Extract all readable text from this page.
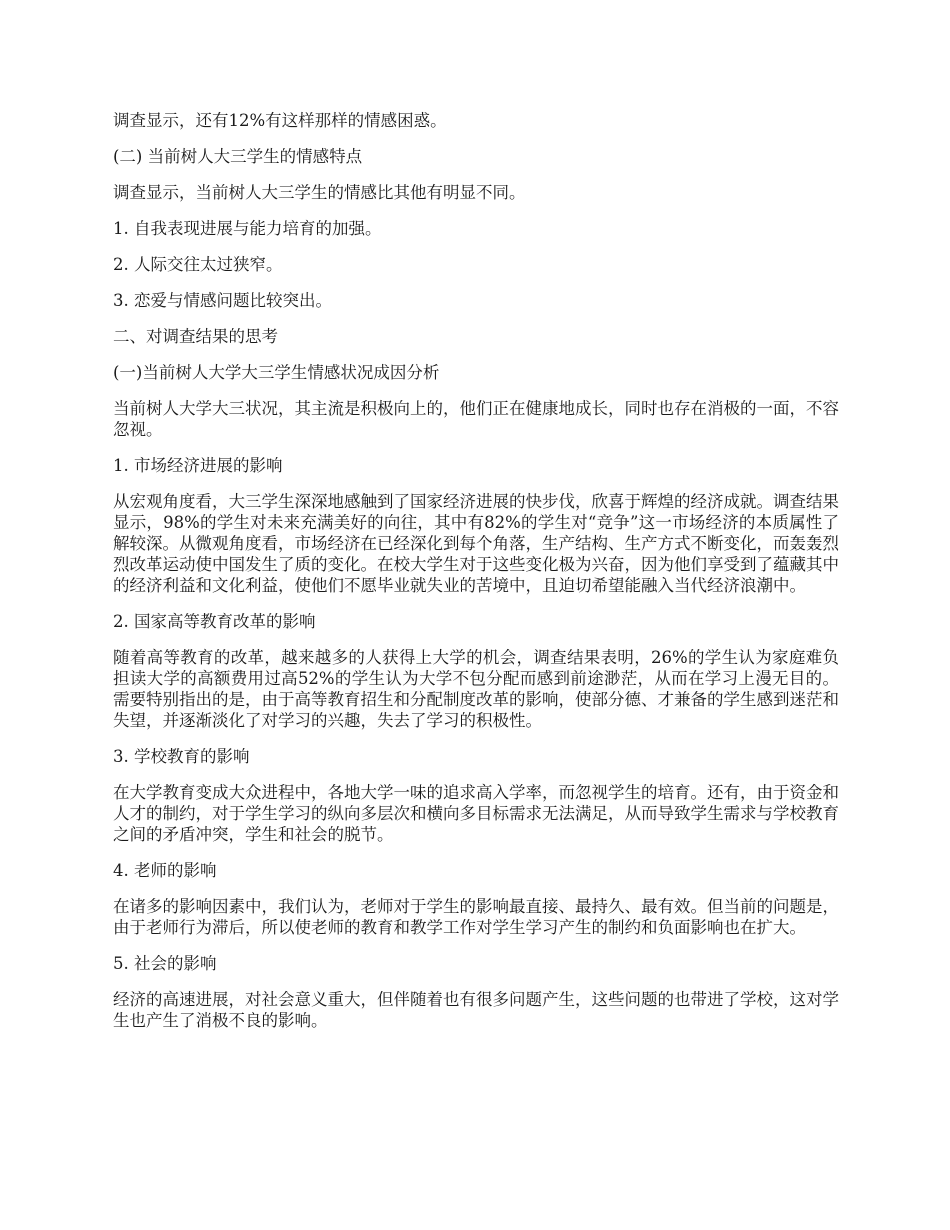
调查显示，还有12%有这样那样的情感困惑。

(二) 当前树人大三学生的情感特点

调查显示，当前树人大三学生的情感比其他有明显不同。

1. 自我表现进展与能力培育的加强。

2. 人际交往太过狭窄。

3. 恋爱与情感问题比较突出。

二、对调查结果的思考

(一)当前树人大学大三学生情感状况成因分析

当前树人大学大三状况，其主流是积极向上的，他们正在健康地成长，同时也存在消极的一面，不容忽视。

1. 市场经济进展的影响

从宏观角度看，大三学生深深地感触到了国家经济进展的快步伐，欣喜于辉煌的经济成就。调查结果显示，98%的学生对未来充满美好的向往，其中有82%的学生对“竞争”这一市场经济的本质属性了解较深。从微观角度看，市场经济在已经深化到每个角落，生产结构、生产方式不断变化，而轰轰烈烈改革运动使中国发生了质的变化。在校大学生对于这些变化极为兴奋，因为他们享受到了蕴藏其中的经济利益和文化利益，使他们不愿毕业就失业的苦境中，且迫切希望能融入当代经济浪潮中。

2. 国家高等教育改革的影响

随着高等教育的改革，越来越多的人获得上大学的机会，调查结果表明，26%的学生认为家庭难负担读大学的高额费用过高52%的学生认为大学不包分配而感到前途渺茫，从而在学习上漫无目的。需要特别指出的是，由于高等教育招生和分配制度改革的影响，使部分德、才兼备的学生感到迷茫和失望，并逐渐淡化了对学习的兴趣，失去了学习的积极性。

3. 学校教育的影响

在大学教育变成大众进程中，各地大学一味的追求高入学率，而忽视学生的培育。还有，由于资金和人才的制约，对于学生学习的纵向多层次和横向多目标需求无法满足，从而导致学生需求与学校教育之间的矛盾冲突，学生和社会的脱节。

4. 老师的影响

在诸多的影响因素中，我们认为，老师对于学生的影响最直接、最持久、最有效。但当前的问题是，由于老师行为滞后，所以使老师的教育和教学工作对学生学习产生的制约和负面影响也在扩大。

5. 社会的影响

经济的高速进展，对社会意义重大，但伴随着也有很多问题产生，这些问题的也带进了学校，这对学生也产生了消极不良的影响。
